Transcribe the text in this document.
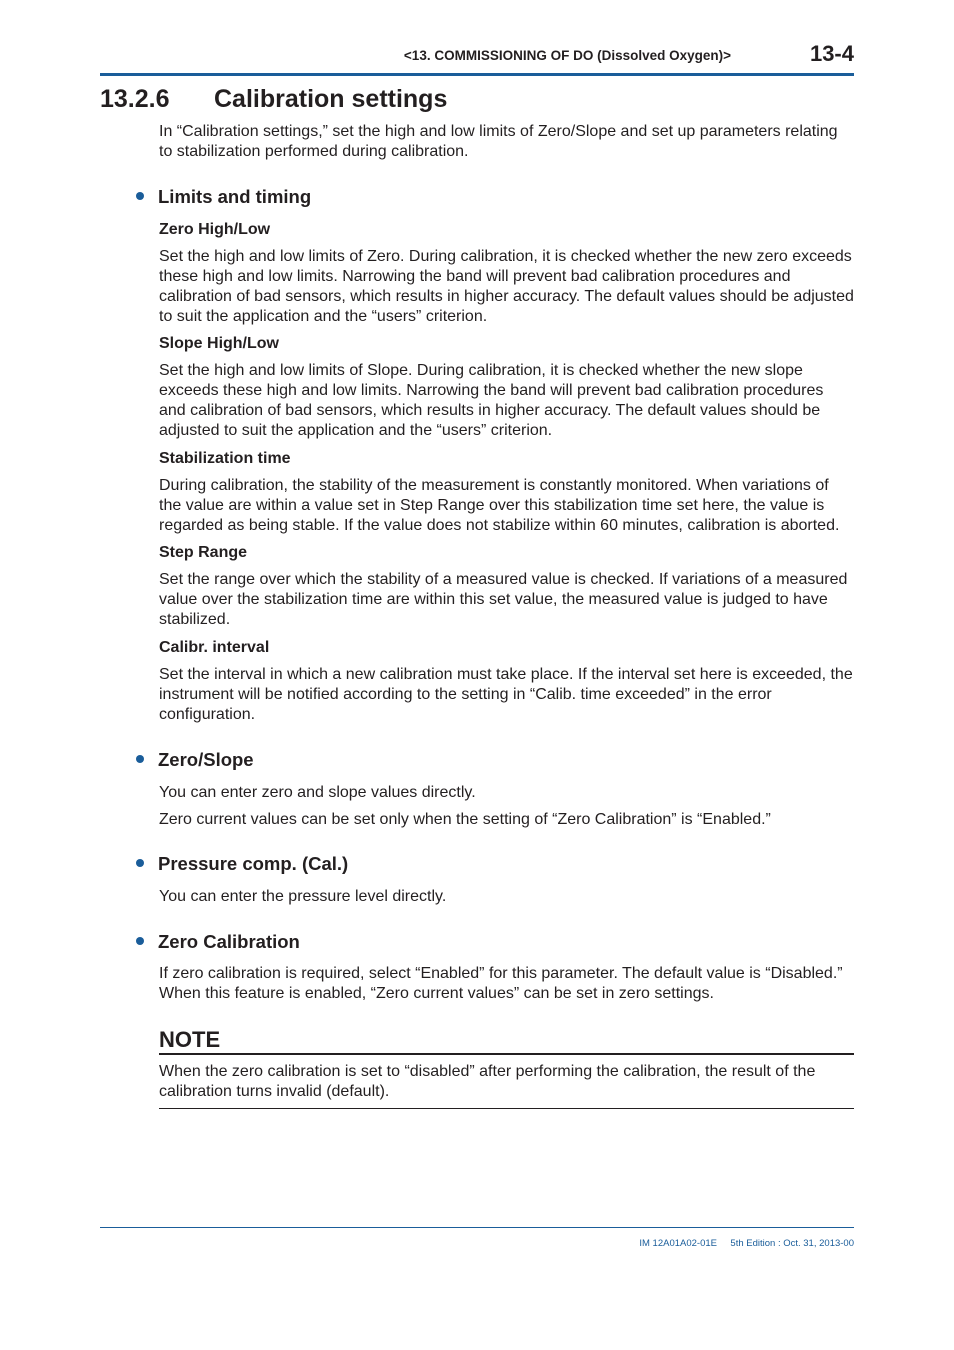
<13. COMMISSIONING OF DO (Dissolved Oxygen)>	13-4
13.2.6 Calibration settings

In “Calibration settings,” set the high and low limits of Zero/Slope and set up parameters relating to stabilization performed during calibration.

Limits and timing
Zero High/Low

Set the high and low limits of Zero. During calibration, it is checked whether the new zero exceeds these high and low limits. Narrowing the band will prevent bad calibration procedures and calibration of bad sensors, which results in higher accuracy. The default values should be adjusted to suit the application and the “users” criterion.

Slope High/Low

Set the high and low limits of Slope. During calibration, it is checked whether the new slope exceeds these high and low limits. Narrowing the band will prevent bad calibration procedures and calibration of bad sensors, which results in higher accuracy. The default values should be adjusted to suit the application and the “users” criterion.

Stabilization time

During calibration, the stability of the measurement is constantly monitored. When variations of the value are within a value set in Step Range over this stabilization time set here, the value is regarded as being stable. If the value does not stabilize within 60 minutes, calibration is aborted.

Step Range

Set the range over which the stability of a measured value is checked. If variations of a measured value over the stabilization time are within this set value, the measured value is judged to have stabilized.

Calibr. interval

Set the interval in which a new calibration must take place. If the interval set here is exceeded, the instrument will be notified according to the setting in “Calib. time exceeded” in the error configuration.

Zero/Slope

You can enter zero and slope values directly.

Zero current values can be set only when the setting of “Zero Calibration” is “Enabled.”

Pressure comp. (Cal.)

You can enter the pressure level directly.

Zero Calibration

If zero calibration is required, select “Enabled” for this parameter. The default value is “Disabled.” When this feature is enabled, “Zero current values” can be set in zero settings.

NOTE

When the zero calibration is set to “disabled” after performing the calibration, the result of the calibration turns invalid (default).

IM 12A01A02-01E 5th Edition : Oct. 31, 2013-00
